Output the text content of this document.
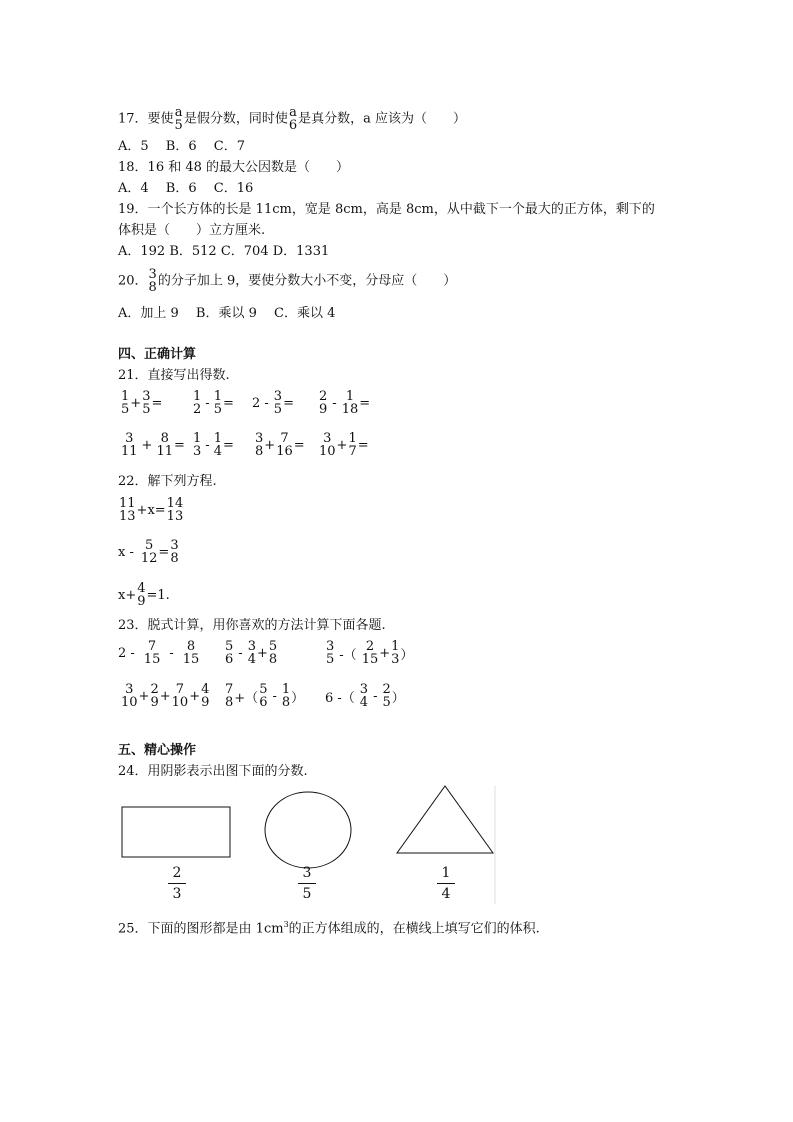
17．要使 a
5 是假分数，同时使 a
6 是真分数，a 应该为（　　）
A．5　 B．6　 C．7
18．16 和 48 的最大公因数是（　　）
A．4　 B．6　 C．16
19．一个长方体的长是 11cm，宽是 8cm，高是 8cm，从中截下一个最大的正方体，剩下的
体积是（　　）立方厘米.
A．192 B．512 C．704 D．1331
20． 3
8 的分子加上 9，要使分数大小不变，分母应（　　）
A．加上 9　 B．乘以 9　 C．乘以 4
四、正确计算
21．直接写出得数.
1
5 + 3
5 = 1
2 - 1
5 = 2 - 3
5 = 2
9 - 1
18 =
3
11 + 8
11 = 1
3 - 1
4 = 3
8 + 7
16 =	3
10 + 1
7 =
22．解下列方程.
11
13 +x= 14
13
x - 5
12 = 3
8
x+ 4
9 =1.
23．脱式计算，用你喜欢的方法计算下面各题.
2 -	7
15 -	8
15
5
6 - 3
4 + 5
8
3
5 -（
2
15 + 1
3 ）
3
10 + 2
9 + 7
10 + 4
9
7
8 +（
5
6 - 1
8 ） 6 -（
3
4 - 2
5 ）
五、精心操作
24．用阴影表示出图下面的分数.
2
3
3
5
1
4
25．下面的图形都是由 $1cm^3$的正方体组成的，在横线上填写它们的体积.
